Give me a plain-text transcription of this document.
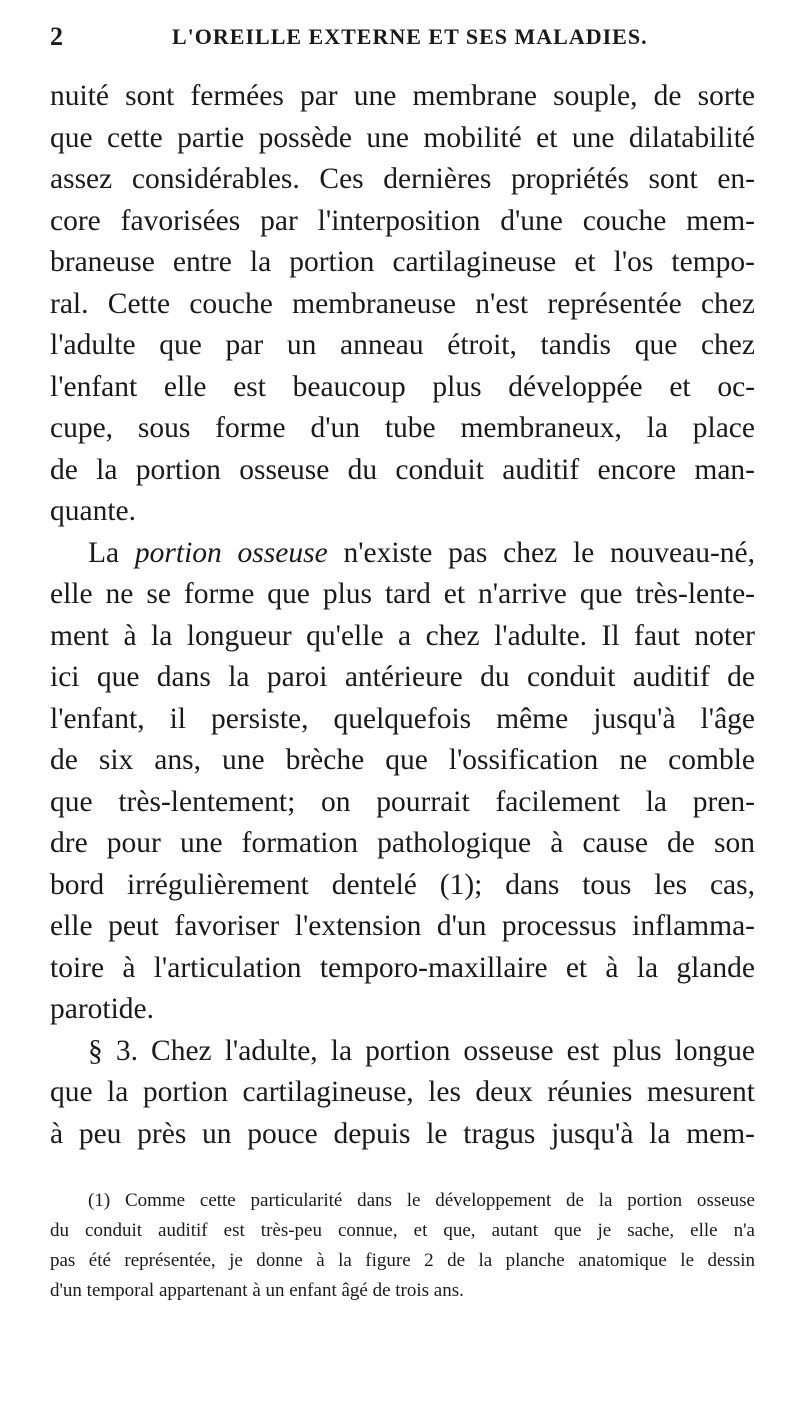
2	L'OREILLE EXTERNE ET SES MALADIES.
nuité sont fermées par une membrane souple, de sorte
que cette partie possède une mobilité et une dilatabilité
assez considérables. Ces dernières propriétés sont en-
core favorisées par l'interposition d'une couche mem-
braneuse entre la portion cartilagineuse et l'os tempo-
ral. Cette couche membraneuse n'est représentée chez
l'adulte que par un anneau étroit, tandis que chez
l'enfant elle est beaucoup plus développée et oc-
cupe, sous forme d'un tube membraneux, la place
de la portion osseuse du conduit auditif encore man-
quante.
La portion osseuse n'existe pas chez le nouveau-né,
elle ne se forme que plus tard et n'arrive que très-lente-
ment à la longueur qu'elle a chez l'adulte. Il faut noter
ici que dans la paroi antérieure du conduit auditif de
l'enfant, il persiste, quelquefois même jusqu'à l'âge
de six ans, une brèche que l'ossification ne comble
que très-lentement; on pourrait facilement la pren-
dre pour une formation pathologique à cause de son
bord irrégulièrement dentelé (1); dans tous les cas,
elle peut favoriser l'extension d'un processus inflamma-
toire à l'articulation temporo-maxillaire et à la glande
parotide.
§ 3. Chez l'adulte, la portion osseuse est plus longue
que la portion cartilagineuse, les deux réunies mesurent
à peu près un pouce depuis le tragus jusqu'à la mem-
(1) Comme cette particularité dans le développement de la portion osseuse
du conduit auditif est très-peu connue, et que, autant que je sache, elle n'a
pas été représentée, je donne à la figure 2 de la planche anatomique le dessin
d'un temporal appartenant à un enfant âgé de trois ans.
